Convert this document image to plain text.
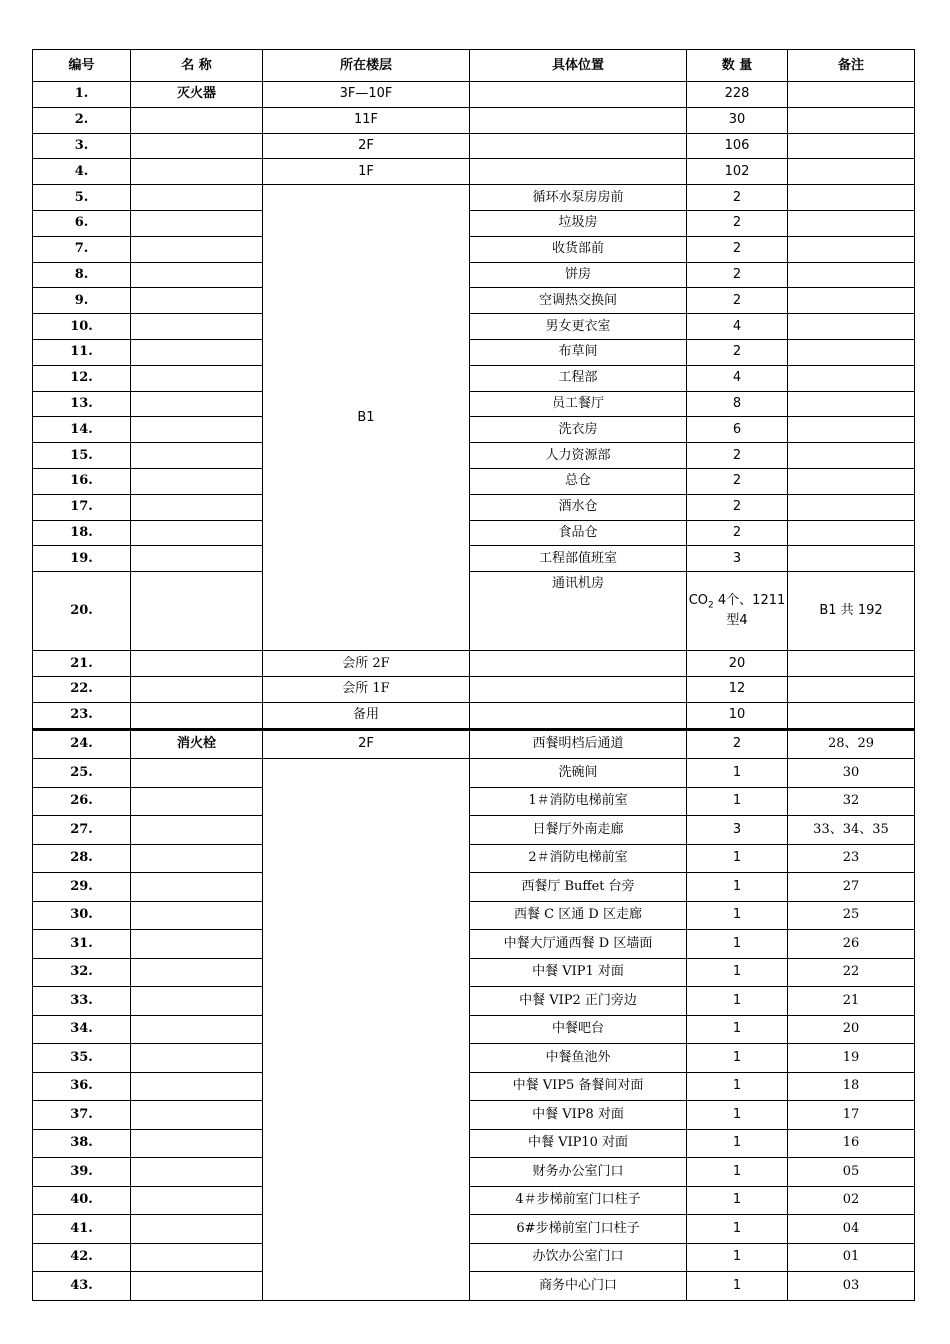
编号	名 称	所在楼层	具体位置	数 量	备注
1.	灭火器	3F—10F		228	
2.		11F		30	
3.		2F		106	
4.		1F		102	
5.		B1	循环水泵房房前	2	
6.			垃圾房	2	
7.			收货部前	2	
8.			饼房	2	
9.			空调热交换间	2	
10.			男女更衣室	4	
11.			布草间	2	
12.			工程部	4	
13.			员工餐厅	8	
14.			洗衣房	6	
15.			人力资源部	2	
16.			总仓	2	
17.			酒水仓	2	
18.			食品仓	2	
19.			工程部值班室	3	
20.			通讯机房	$CO_2$ 4个、1211 型4	B1 共 192
21.		会所 2F		20	
22.		会所 1F		12	
23.		备用		10	
24.	消火栓	2F	西餐明档后通道	2	28、29
25.			洗碗间	1	30
26.			1＃消防电梯前室	1	32
27.			日餐厅外南走廊	3	33、34、35
28.			2＃消防电梯前室	1	23
29.			西餐厅 Buffet 台旁	1	27
30.			西餐 C 区通 D 区走廊	1	25
31.			中餐大厅通西餐 D 区墙面	1	26
32.			中餐 VIP1 对面	1	22
33.			中餐 VIP2 正门旁边	1	21
34.			中餐吧台	1	20
35.			中餐鱼池外	1	19
36.			中餐 VIP5 备餐间对面	1	18
37.			中餐 VIP8 对面	1	17
38.			中餐 VIP10 对面	1	16
39.			财务办公室门口	1	05
40.			4＃步梯前室门口柱子	1	02
41.			6#步梯前室门口柱子	1	04
42.			办饮办公室门口	1	01
43.			商务中心门口	1	03
